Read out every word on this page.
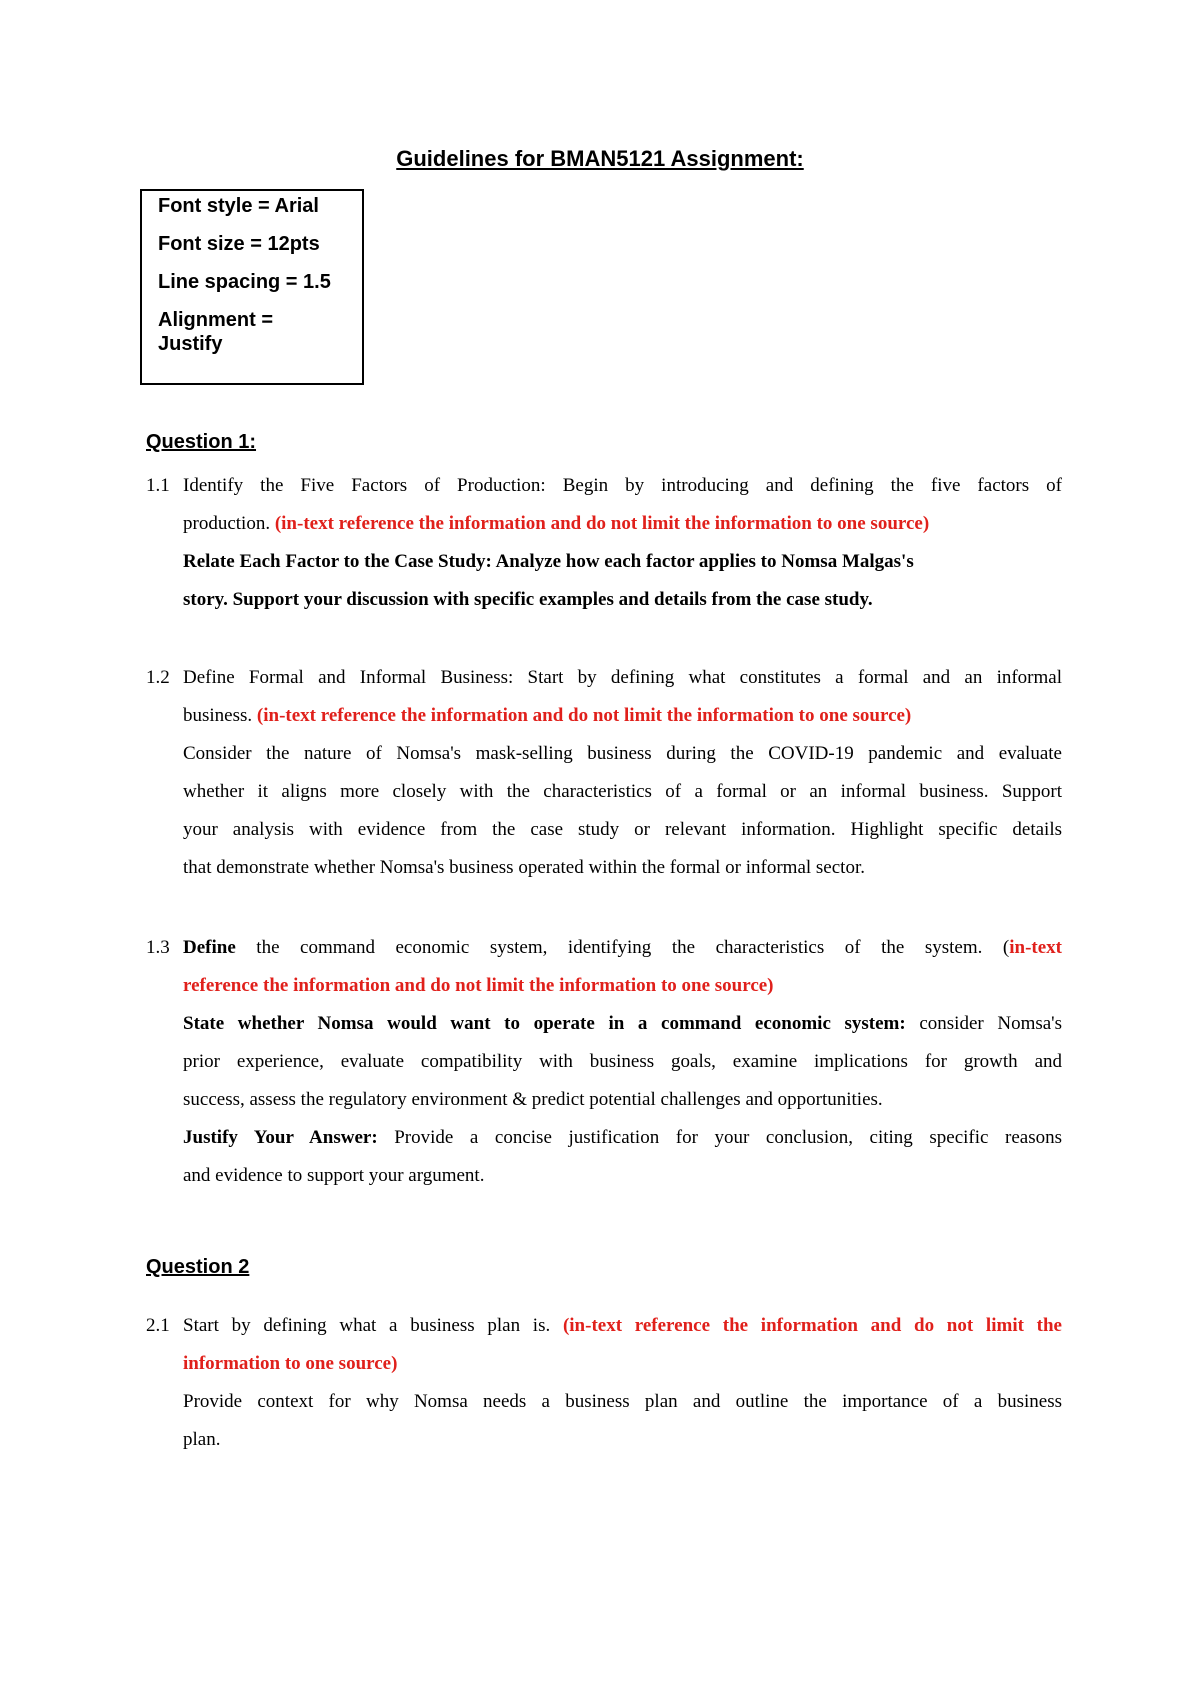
Guidelines for BMAN5121 Assignment:
Font style = Arial
Font size = 12pts
Line spacing = 1.5
Alignment =
Justify
Question 1:
1.1 Identify the Five Factors of Production: Begin by introducing and defining the five factors of
production. (in-text reference the information and do not limit the information to one source)
Relate Each Factor to the Case Study: Analyze how each factor applies to Nomsa Malgas's
story. Support your discussion with specific examples and details from the case study.
1.2 Define Formal and Informal Business: Start by defining what constitutes a formal and an informal
business. (in-text reference the information and do not limit the information to one source)
Consider the nature of Nomsa's mask-selling business during the COVID-19 pandemic and evaluate
whether it aligns more closely with the characteristics of a formal or an informal business. Support
your analysis with evidence from the case study or relevant information. Highlight specific details
that demonstrate whether Nomsa's business operated within the formal or informal sector.
1.3 Define the command economic system, identifying the characteristics of the system. (in-text
reference the information and do not limit the information to one source)
State whether Nomsa would want to operate in a command economic system: consider Nomsa's
prior experience, evaluate compatibility with business goals, examine implications for growth and
success, assess the regulatory environment & predict potential challenges and opportunities.
Justify Your Answer: Provide a concise justification for your conclusion, citing specific reasons
and evidence to support your argument.
Question 2
2.1 Start by defining what a business plan is. (in-text reference the information and do not limit the
information to one source)
Provide context for why Nomsa needs a business plan and outline the importance of a business
plan.
